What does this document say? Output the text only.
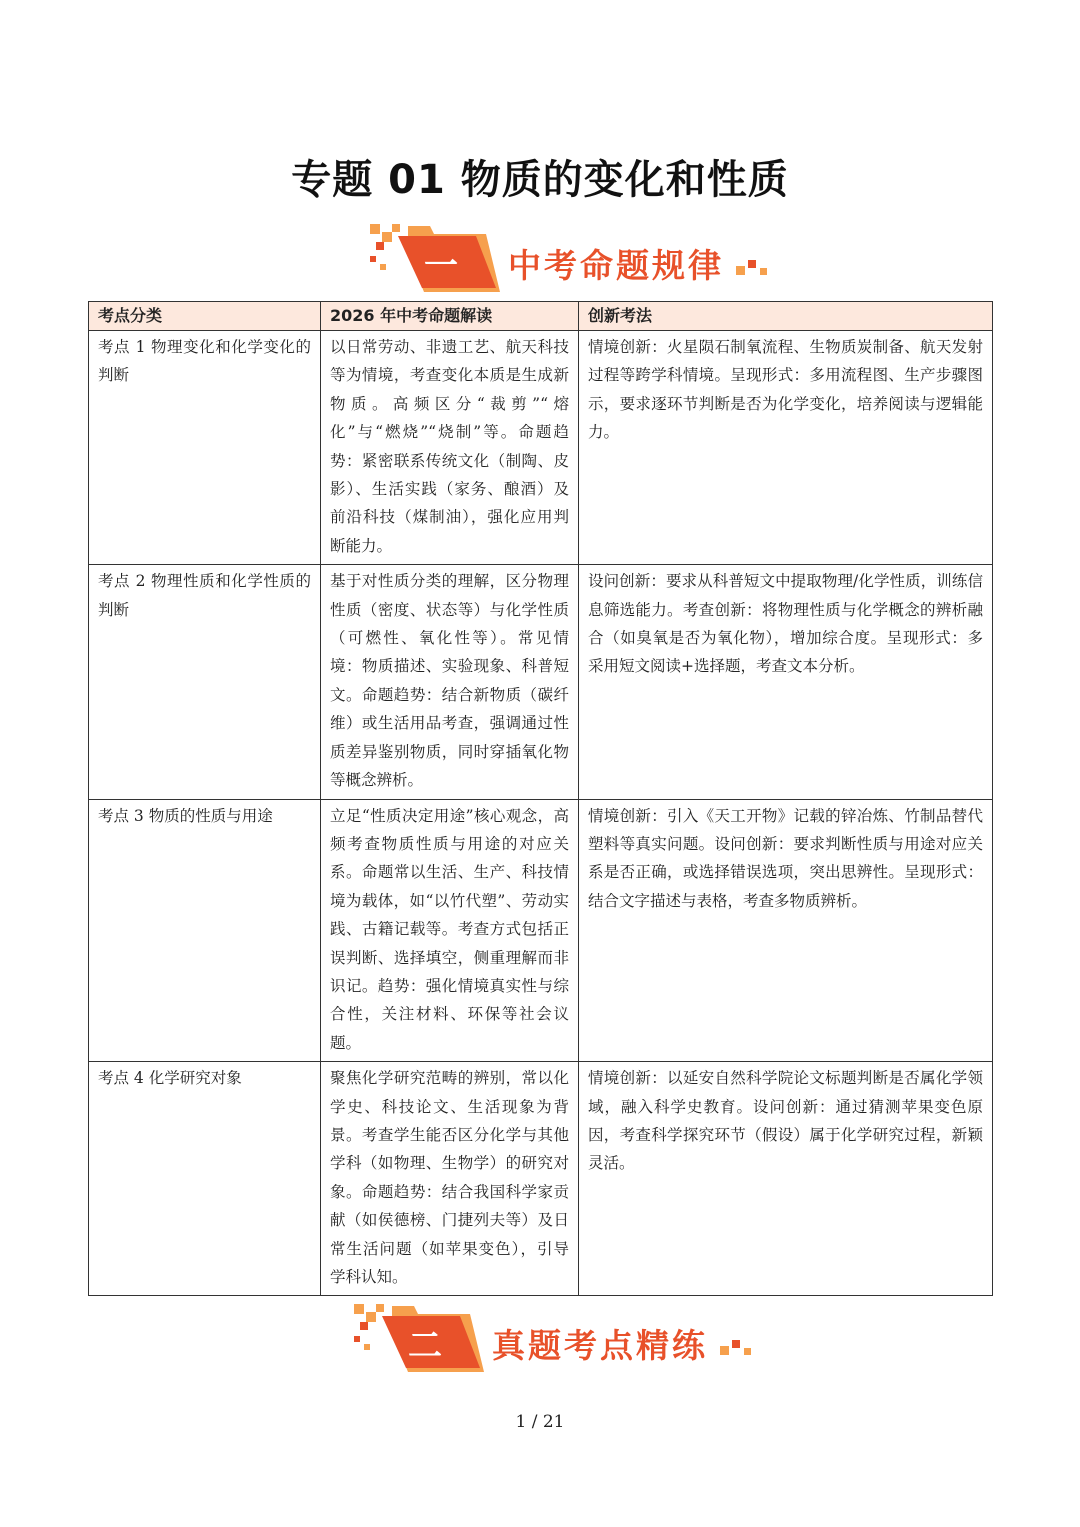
专题 01 物质的变化和性质
一	中考命题规律
考点分类	2026 年中考命题解读	创新考法
考点 1 物理变化和化学变化的判断	以日常劳动、非遗工艺、航天科技等为情境，考查变化本质是生成新物质。高频区分“裁剪”“熔化”与“燃烧”“烧制”等。命题趋势：紧密联系传统文化（制陶、皮影）、生活实践（家务、酿酒）及前沿科技（煤制油），强化应用判断能力。	情境创新：火星陨石制氧流程、生物质炭制备、航天发射过程等跨学科情境。呈现形式：多用流程图、生产步骤图示，要求逐环节判断是否为化学变化，培养阅读与逻辑能力。
考点 2 物理性质和化学性质的判断	基于对性质分类的理解，区分物理性质（密度、状态等）与化学性质（可燃性、氧化性等）。常见情境：物质描述、实验现象、科普短文。命题趋势：结合新物质（碳纤维）或生活用品考查，强调通过性质差异鉴别物质，同时穿插氧化物等概念辨析。	设问创新：要求从科普短文中提取物理/化学性质，训练信息筛选能力。考查创新：将物理性质与化学概念的辨析融合（如臭氧是否为氧化物），增加综合度。呈现形式：多采用短文阅读+选择题，考查文本分析。
考点 3 物质的性质与用途	立足“性质决定用途”核心观念，高频考查物质性质与用途的对应关系。命题常以生活、生产、科技情境为载体，如“以竹代塑”、劳动实践、古籍记载等。考查方式包括正误判断、选择填空，侧重理解而非识记。趋势：强化情境真实性与综合性，关注材料、环保等社会议题。	情境创新：引入《天工开物》记载的锌冶炼、竹制品替代塑料等真实问题。设问创新：要求判断性质与用途对应关系是否正确，或选择错误选项，突出思辨性。呈现形式：结合文字描述与表格，考查多物质辨析。
考点 4 化学研究对象	聚焦化学研究范畴的辨别，常以化学史、科技论文、生活现象为背景。考查学生能否区分化学与其他学科（如物理、生物学）的研究对象。命题趋势：结合我国科学家贡献（如侯德榜、门捷列夫等）及日常生活问题（如苹果变色），引导学科认知。	情境创新：以延安自然科学院论文标题判断是否属化学领域，融入科学史教育。设问创新：通过猜测苹果变色原因，考查科学探究环节（假设）属于化学研究过程，新颖灵活。
二	真题考点精练
1 / 21
